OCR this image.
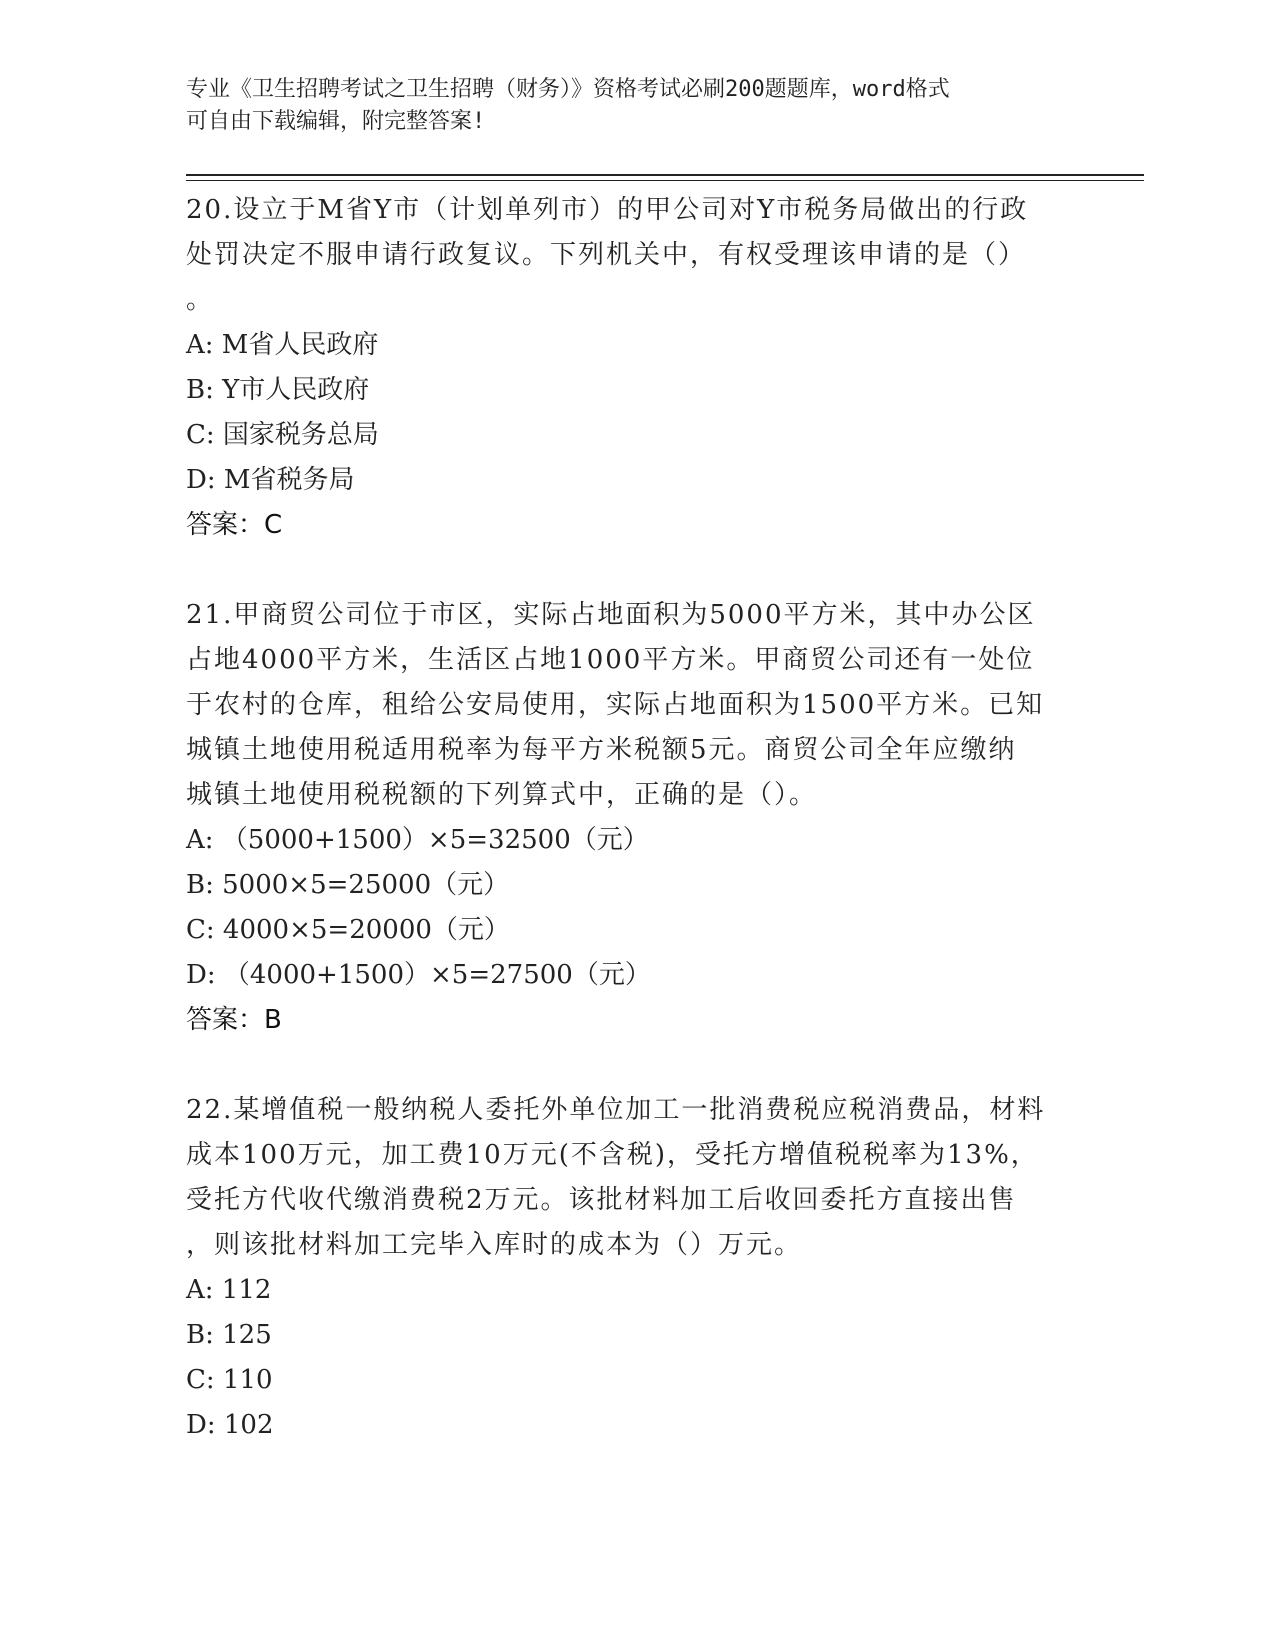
专业《卫生招聘考试之卫生招聘（财务）》资格考试必刷200题题库，word格式
可自由下载编辑，附完整答案!
20.设立于M省Y市（计划单列市）的甲公司对Y市税务局做出的行政
处罚决定不服申请行政复议。下列机关中，有权受理该申请的是（）
。
A: M省人民政府
B: Y市人民政府
C: 国家税务总局
D: M省税务局
答案：C
21.甲商贸公司位于市区，实际占地面积为5000平方米，其中办公区
占地4000平方米，生活区占地1000平方米。甲商贸公司还有一处位
于农村的仓库，租给公安局使用，实际占地面积为1500平方米。已知
城镇土地使用税适用税率为每平方米税额5元。商贸公司全年应缴纳
城镇土地使用税税额的下列算式中，正确的是（）。
A: （5000+1500）×5=32500（元）
B: 5000×5=25000（元）
C: 4000×5=20000（元）
D: （4000+1500）×5=27500（元）
答案：B
22.某增值税一般纳税人委托外单位加工一批消费税应税消费品，材料
成本100万元，加工费10万元(不含税)，受托方增值税税率为13%，
受托方代收代缴消费税2万元。该批材料加工后收回委托方直接出售
，则该批材料加工完毕入库时的成本为（）万元。
A: 112
B: 125
C: 110
D: 102
